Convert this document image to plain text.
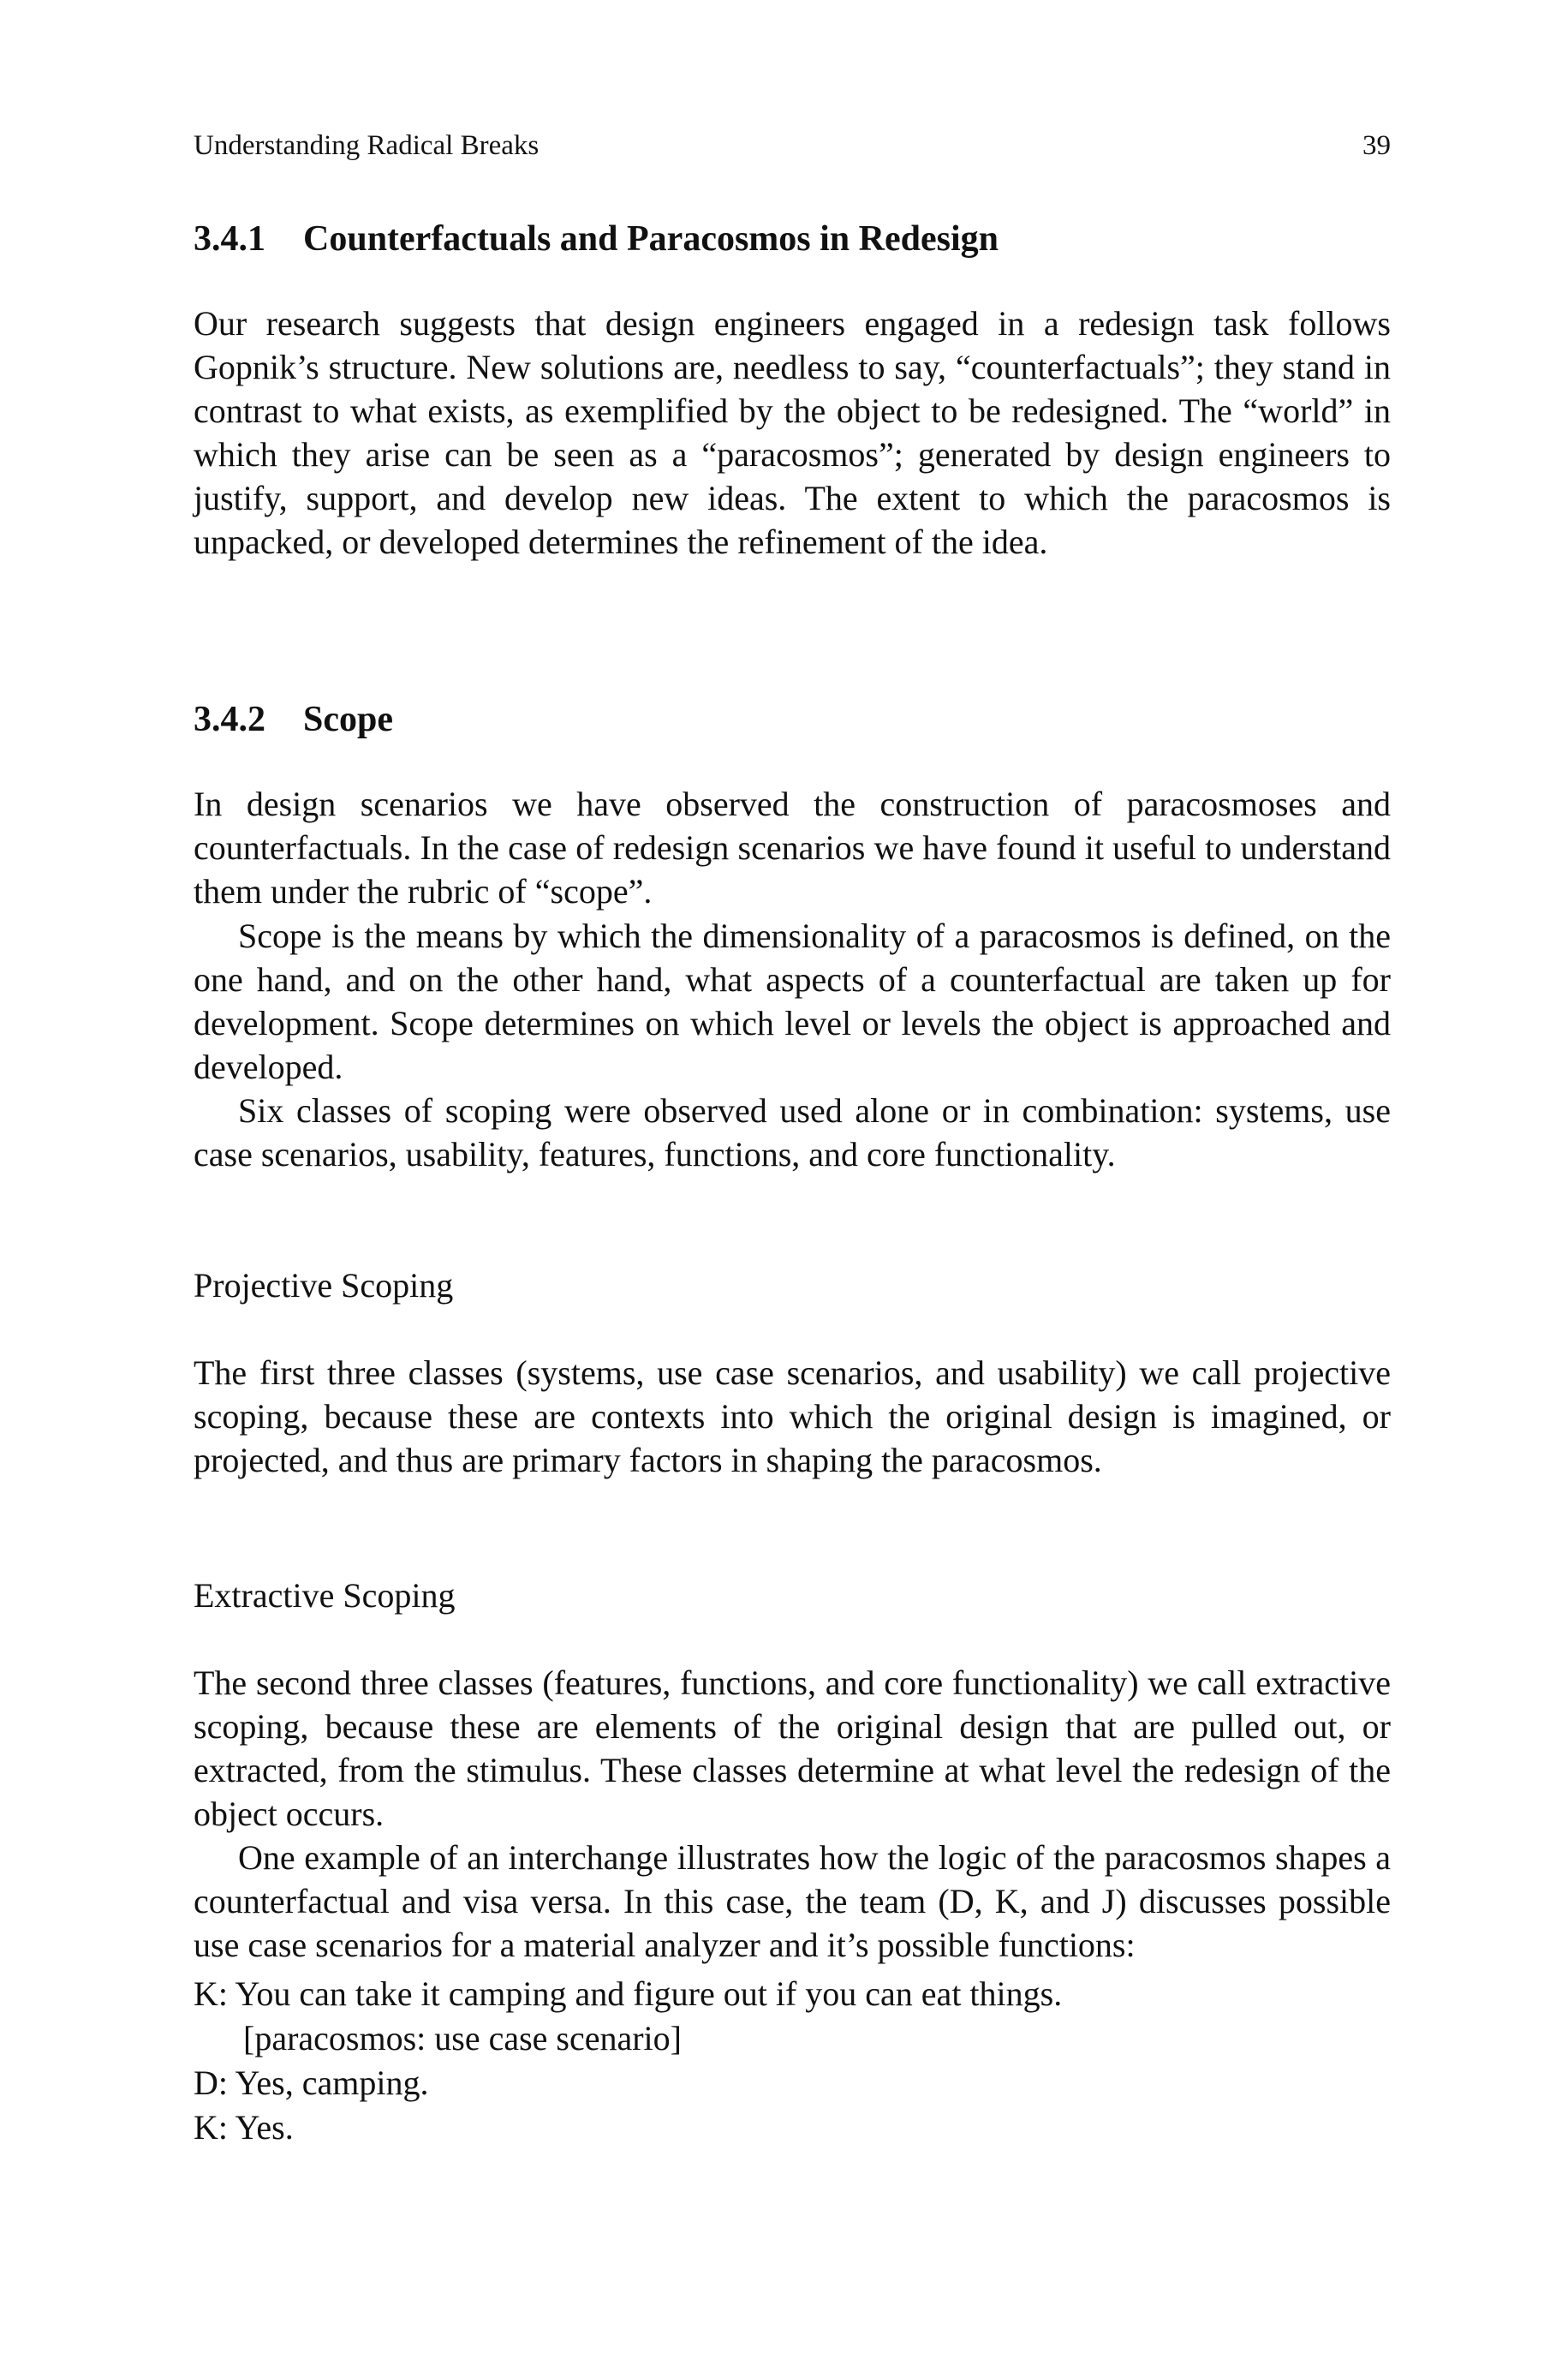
Understanding Radical Breaks	39
3.4.1 Counterfactuals and Paracosmos in Redesign

Our research suggests that design engineers engaged in a redesign task follows Gopnik’s structure. New solutions are, needless to say, “counterfactuals”; they stand in contrast to what exists, as exemplified by the object to be redesigned. The “world” in which they arise can be seen as a “paracosmos”; generated by design engineers to justify, support, and develop new ideas. The extent to which the paracosmos is unpacked, or developed determines the refinement of the idea.

3.4.2 Scope

In design scenarios we have observed the construction of paracosmoses and counterfactuals. In the case of redesign scenarios we have found it useful to understand them under the rubric of “scope”.

Scope is the means by which the dimensionality of a paracosmos is defined, on the one hand, and on the other hand, what aspects of a counterfactual are taken up for development. Scope determines on which level or levels the object is approached and developed.

Six classes of scoping were observed used alone or in combination: systems, use case scenarios, usability, features, functions, and core functionality.

Projective Scoping

The first three classes (systems, use case scenarios, and usability) we call projective scoping, because these are contexts into which the original design is imagined, or projected, and thus are primary factors in shaping the paracosmos.

Extractive Scoping

The second three classes (features, functions, and core functionality) we call extractive scoping, because these are elements of the original design that are pulled out, or extracted, from the stimulus. These classes determine at what level the redesign of the object occurs.

One example of an interchange illustrates how the logic of the paracosmos shapes a counterfactual and visa versa. In this case, the team (D, K, and J) discusses possible use case scenarios for a material analyzer and it’s possible functions:

K: You can take it camping and figure out if you can eat things.
[paracosmos: use case scenario]
D: Yes, camping.
K: Yes.
